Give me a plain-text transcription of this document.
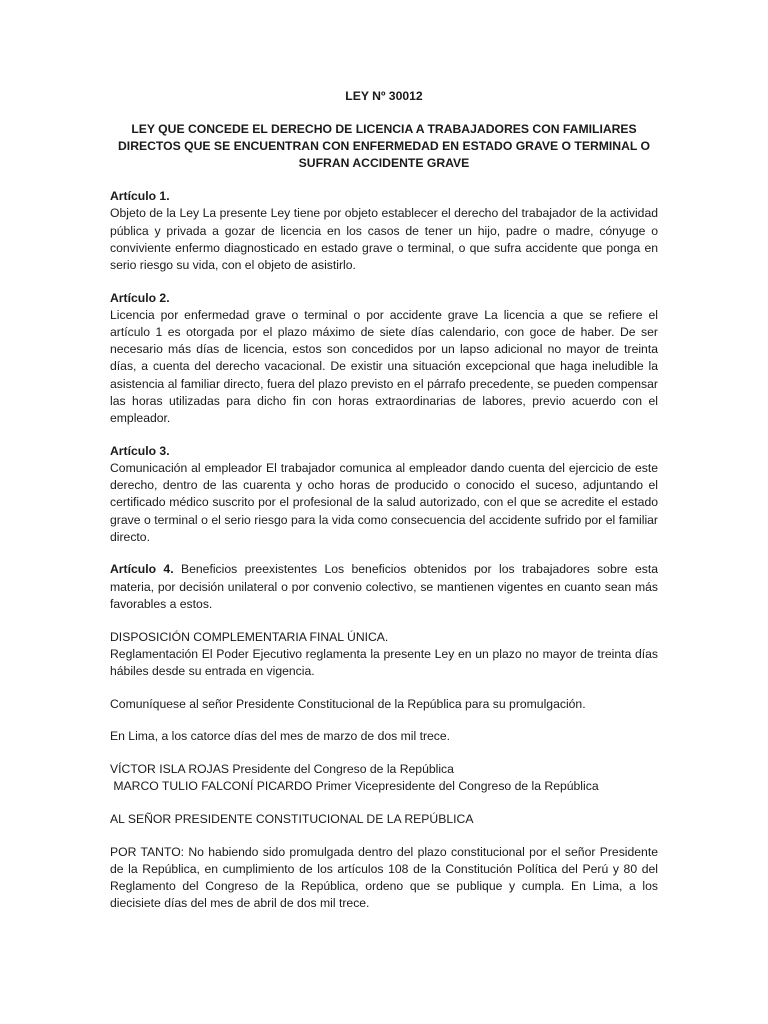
LEY Nº 30012

LEY QUE CONCEDE EL DERECHO DE LICENCIA A TRABAJADORES CON FAMILIARES DIRECTOS QUE SE ENCUENTRAN CON ENFERMEDAD EN ESTADO GRAVE O TERMINAL O SUFRAN ACCIDENTE GRAVE

Artículo 1.

Objeto de la Ley La presente Ley tiene por objeto establecer el derecho del trabajador de la actividad pública y privada a gozar de licencia en los casos de tener un hijo, padre o madre, cónyuge o conviviente enfermo diagnosticado en estado grave o terminal, o que sufra accidente que ponga en serio riesgo su vida, con el objeto de asistirlo.

Artículo 2.

Licencia por enfermedad grave o terminal o por accidente grave La licencia a que se refiere el artículo 1 es otorgada por el plazo máximo de siete días calendario, con goce de haber. De ser necesario más días de licencia, estos son concedidos por un lapso adicional no mayor de treinta días, a cuenta del derecho vacacional. De existir una situación excepcional que haga ineludible la asistencia al familiar directo, fuera del plazo previsto en el párrafo precedente, se pueden compensar las horas utilizadas para dicho fin con horas extraordinarias de labores, previo acuerdo con el empleador.

Artículo 3.

Comunicación al empleador El trabajador comunica al empleador dando cuenta del ejercicio de este derecho, dentro de las cuarenta y ocho horas de producido o conocido el suceso, adjuntando el certificado médico suscrito por el profesional de la salud autorizado, con el que se acredite el estado grave o terminal o el serio riesgo para la vida como consecuencia del accidente sufrido por el familiar directo.

Artículo 4. Beneficios preexistentes Los beneficios obtenidos por los trabajadores sobre esta materia, por decisión unilateral o por convenio colectivo, se mantienen vigentes en cuanto sean más favorables a estos.

DISPOSICIÓN COMPLEMENTARIA FINAL ÚNICA.

Reglamentación El Poder Ejecutivo reglamenta la presente Ley en un plazo no mayor de treinta días hábiles desde su entrada en vigencia.

Comuníquese al señor Presidente Constitucional de la República para su promulgación.

En Lima, a los catorce días del mes de marzo de dos mil trece.

VÍCTOR ISLA ROJAS Presidente del Congreso de la República

MARCO TULIO FALCONÍ PICARDO Primer Vicepresidente del Congreso de la República

AL SEÑOR PRESIDENTE CONSTITUCIONAL DE LA REPÚBLICA

POR TANTO: No habiendo sido promulgada dentro del plazo constitucional por el señor Presidente de la República, en cumplimiento de los artículos 108 de la Constitución Política del Perú y 80 del Reglamento del Congreso de la República, ordeno que se publique y cumpla. En Lima, a los diecisiete días del mes de abril de dos mil trece.
